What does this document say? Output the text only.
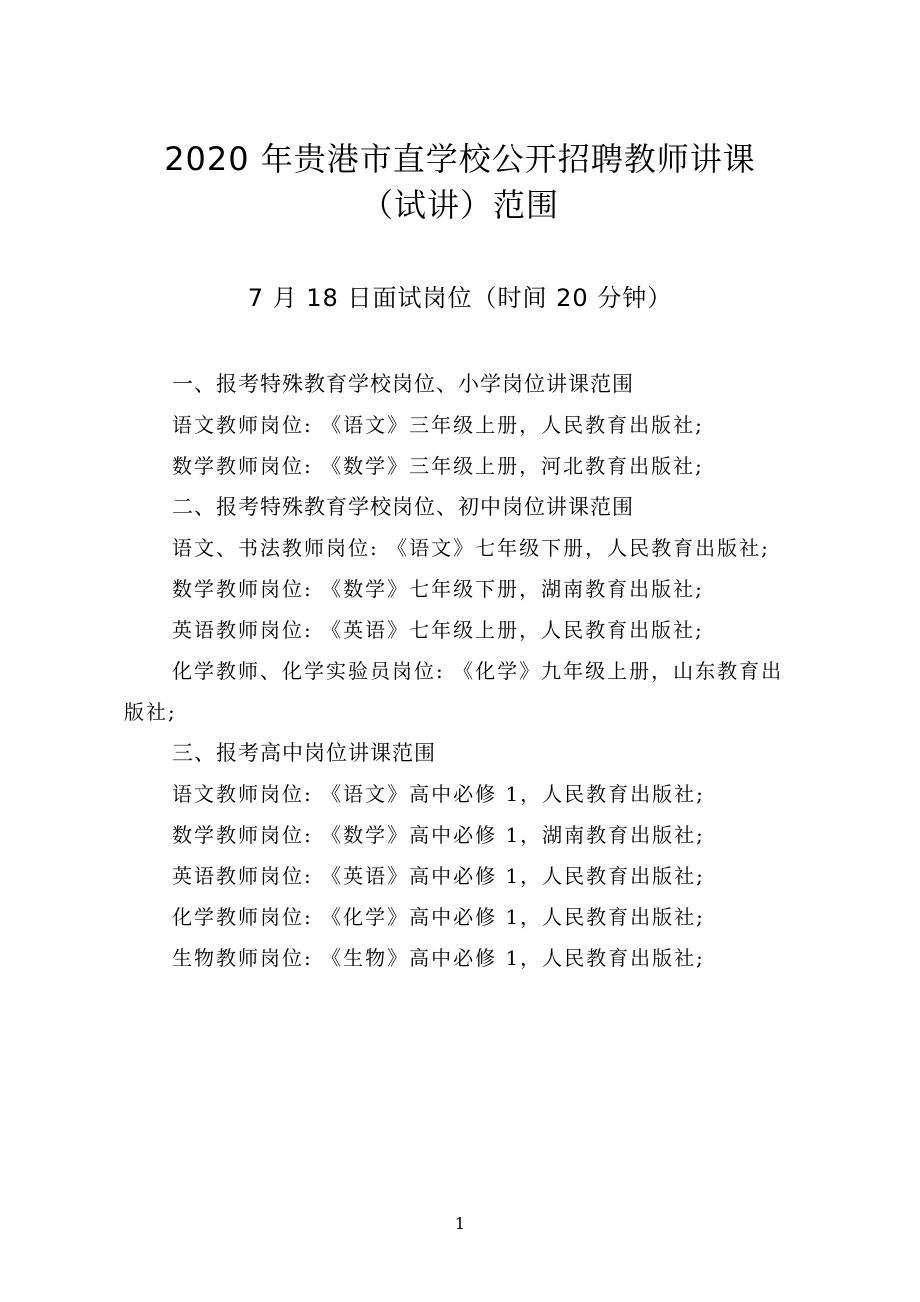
2020 年贵港市直学校公开招聘教师讲课
（试讲）范围
7 月 18 日面试岗位（时间 20 分钟）
一、报考特殊教育学校岗位、小学岗位讲课范围
语文教师岗位: 《语文》三年级上册，人民教育出版社;
数学教师岗位: 《数学》三年级上册，河北教育出版社;
二、报考特殊教育学校岗位、初中岗位讲课范围
语文、书法教师岗位: 《语文》七年级下册，人民教育出版社;
数学教师岗位: 《数学》七年级下册，湖南教育出版社;
英语教师岗位: 《英语》七年级上册，人民教育出版社;
化学教师、化学实验员岗位: 《化学》九年级上册，山东教育出版社;
三、报考高中岗位讲课范围
语文教师岗位: 《语文》高中必修 1，人民教育出版社;
数学教师岗位: 《数学》高中必修 1，湖南教育出版社;
英语教师岗位: 《英语》高中必修 1，人民教育出版社;
化学教师岗位: 《化学》高中必修 1，人民教育出版社;
生物教师岗位: 《生物》高中必修 1，人民教育出版社;
1
